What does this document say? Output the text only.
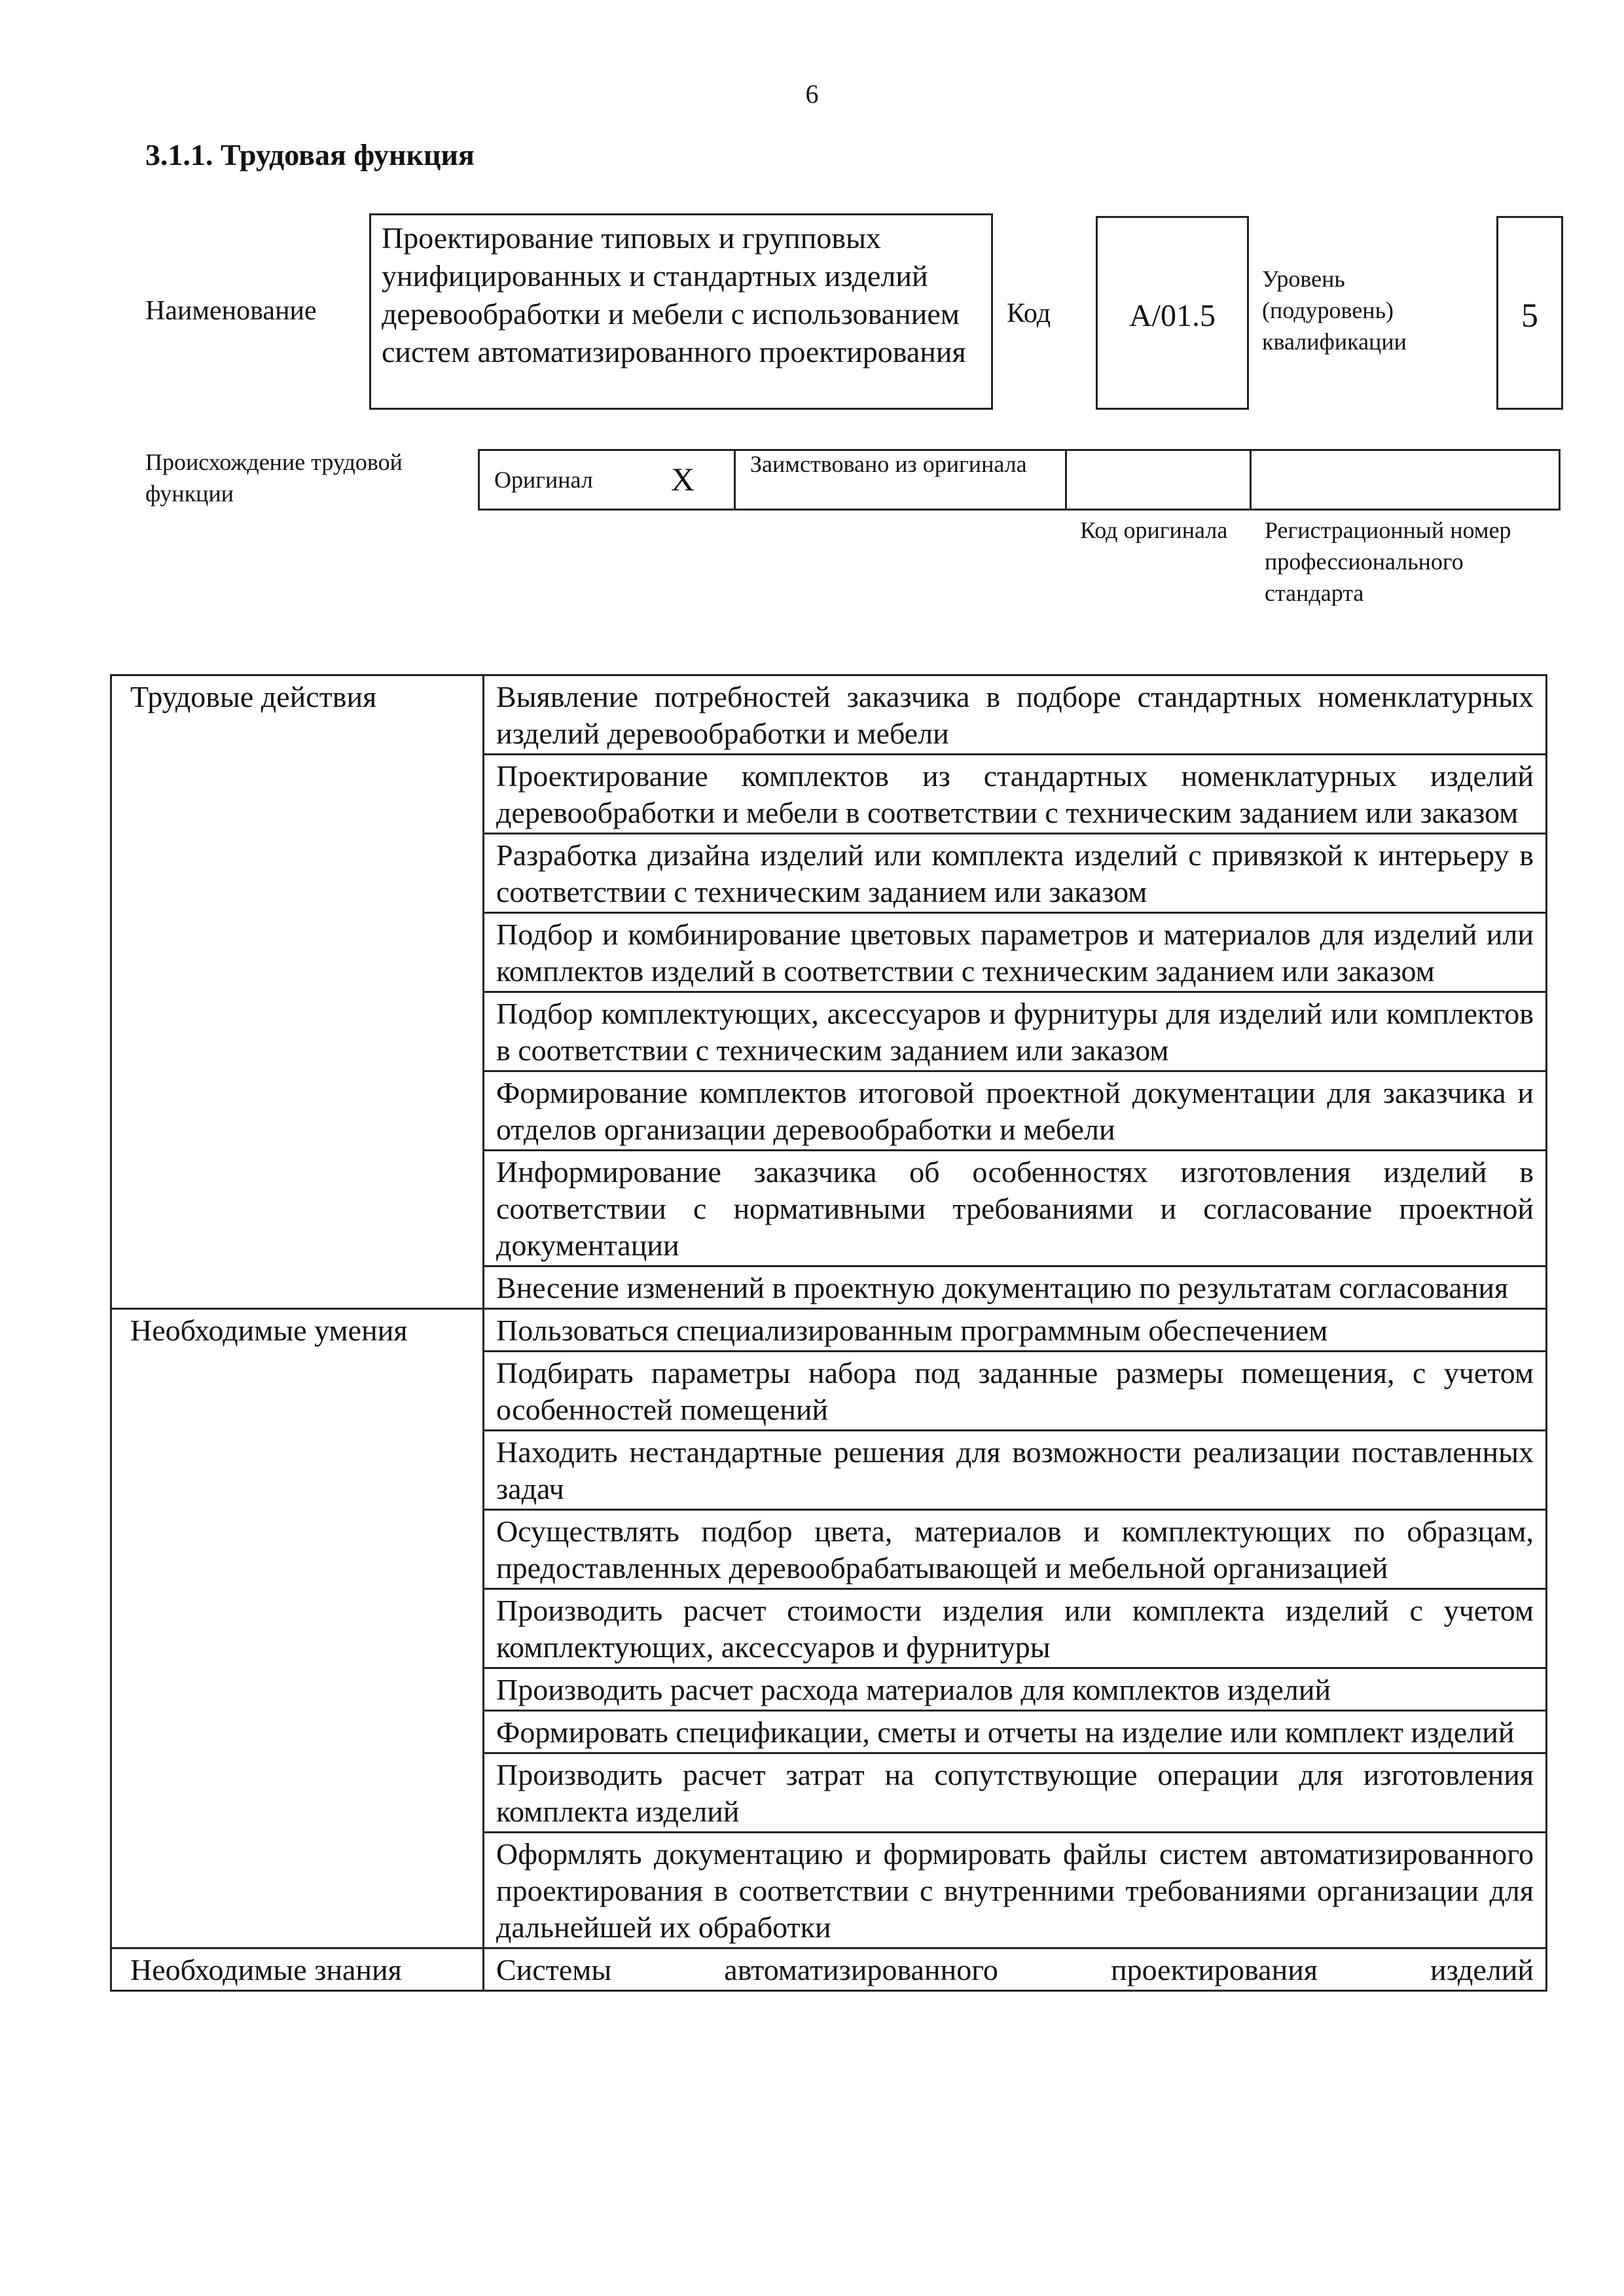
6
3.1.1. Трудовая функция
Наименование
Проектирование типовых и групповых унифицированных и стандартных изделий деревообработки и мебели с использованием систем автоматизированного проектирования
Код	А/01.5
Уровень (подуровень) квалификации
5
Происхождение трудовой функции
Оригинал X Заимствовано из оригинала
Код оригинала	Регистрационный номер профессионального стандарта
Трудовые действия	Выявление потребностей заказчика в подборе стандартных номенклатурных изделий деревообработки и мебели
	Проектирование комплектов из стандартных номенклатурных изделий деревообработки и мебели в соответствии с техническим заданием или заказом
	Разработка дизайна изделий или комплекта изделий с привязкой к интерьеру в соответствии с техническим заданием или заказом
	Подбор и комбинирование цветовых параметров и материалов для изделий или комплектов изделий в соответствии с техническим заданием или заказом
	Подбор комплектующих, аксессуаров и фурнитуры для изделий или комплектов в соответствии с техническим заданием или заказом
	Формирование комплектов итоговой проектной документации для заказчика и отделов организации деревообработки и мебели
	Информирование заказчика об особенностях изготовления изделий в соответствии с нормативными требованиями и согласование проектной документации
	Внесение изменений в проектную документацию по результатам согласования
Необходимые умения	Пользоваться специализированным программным обеспечением
	Подбирать параметры набора под заданные размеры помещения, с учетом особенностей помещений
	Находить нестандартные решения для возможности реализации поставленных задач
	Осуществлять подбор цвета, материалов и комплектующих по образцам, предоставленных деревообрабатывающей и мебельной организацией
	Производить расчет стоимости изделия или комплекта изделий с учетом комплектующих, аксессуаров и фурнитуры
	Производить расчет расхода материалов для комплектов изделий
	Формировать спецификации, сметы и отчеты на изделие или комплект изделий
	Производить расчет затрат на сопутствующие операции для изготовления комплекта изделий
	Оформлять документацию и формировать файлы систем автоматизированного проектирования в соответствии с внутренними требованиями организации для дальнейшей их обработки
Необходимые знания	Системы автоматизированного проектирования изделий
